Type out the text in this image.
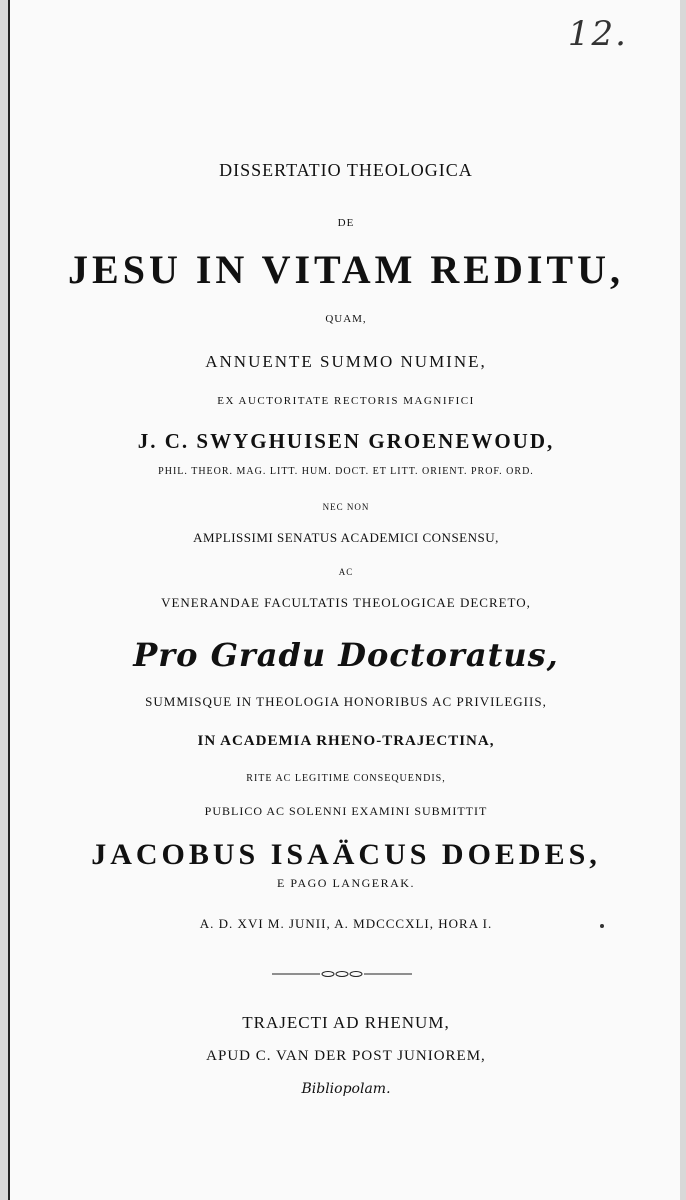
12.
DISSERTATIO THEOLOGICA
DE
JESU IN VITAM REDITU,
QUAM,
ANNUENTE SUMMO NUMINE,
EX AUCTORITATE RECTORIS MAGNIFICI
J. C. SWYGHUISEN GROENEWOUD,
PHIL. THEOR. MAG. LITT. HUM. DOCT. ET LITT. ORIENT. PROF. ORD.
NEC NON
AMPLISSIMI SENATUS ACADEMICI CONSENSU,
AC
VENERANDAE FACULTATIS THEOLOGICAE DECRETO,
Pro Gradu Doctoratus,
SUMMISQUE IN THEOLOGIA HONORIBUS AC PRIVILEGIIS,
IN ACADEMIA RHENO-TRAJECTINA,
RITE AC LEGITIME CONSEQUENDIS,
PUBLICO AC SOLENNI EXAMINI SUBMITTIT
JACOBUS ISAÄCUS DOEDES,
E PAGO LANGERAK.
A. D. XVI M. JUNII, A. MDCCCXLI, HORA I.
TRAJECTI AD RHENUM,
APUD C. VAN DER POST JUNIOREM,
Bibliopolam.
